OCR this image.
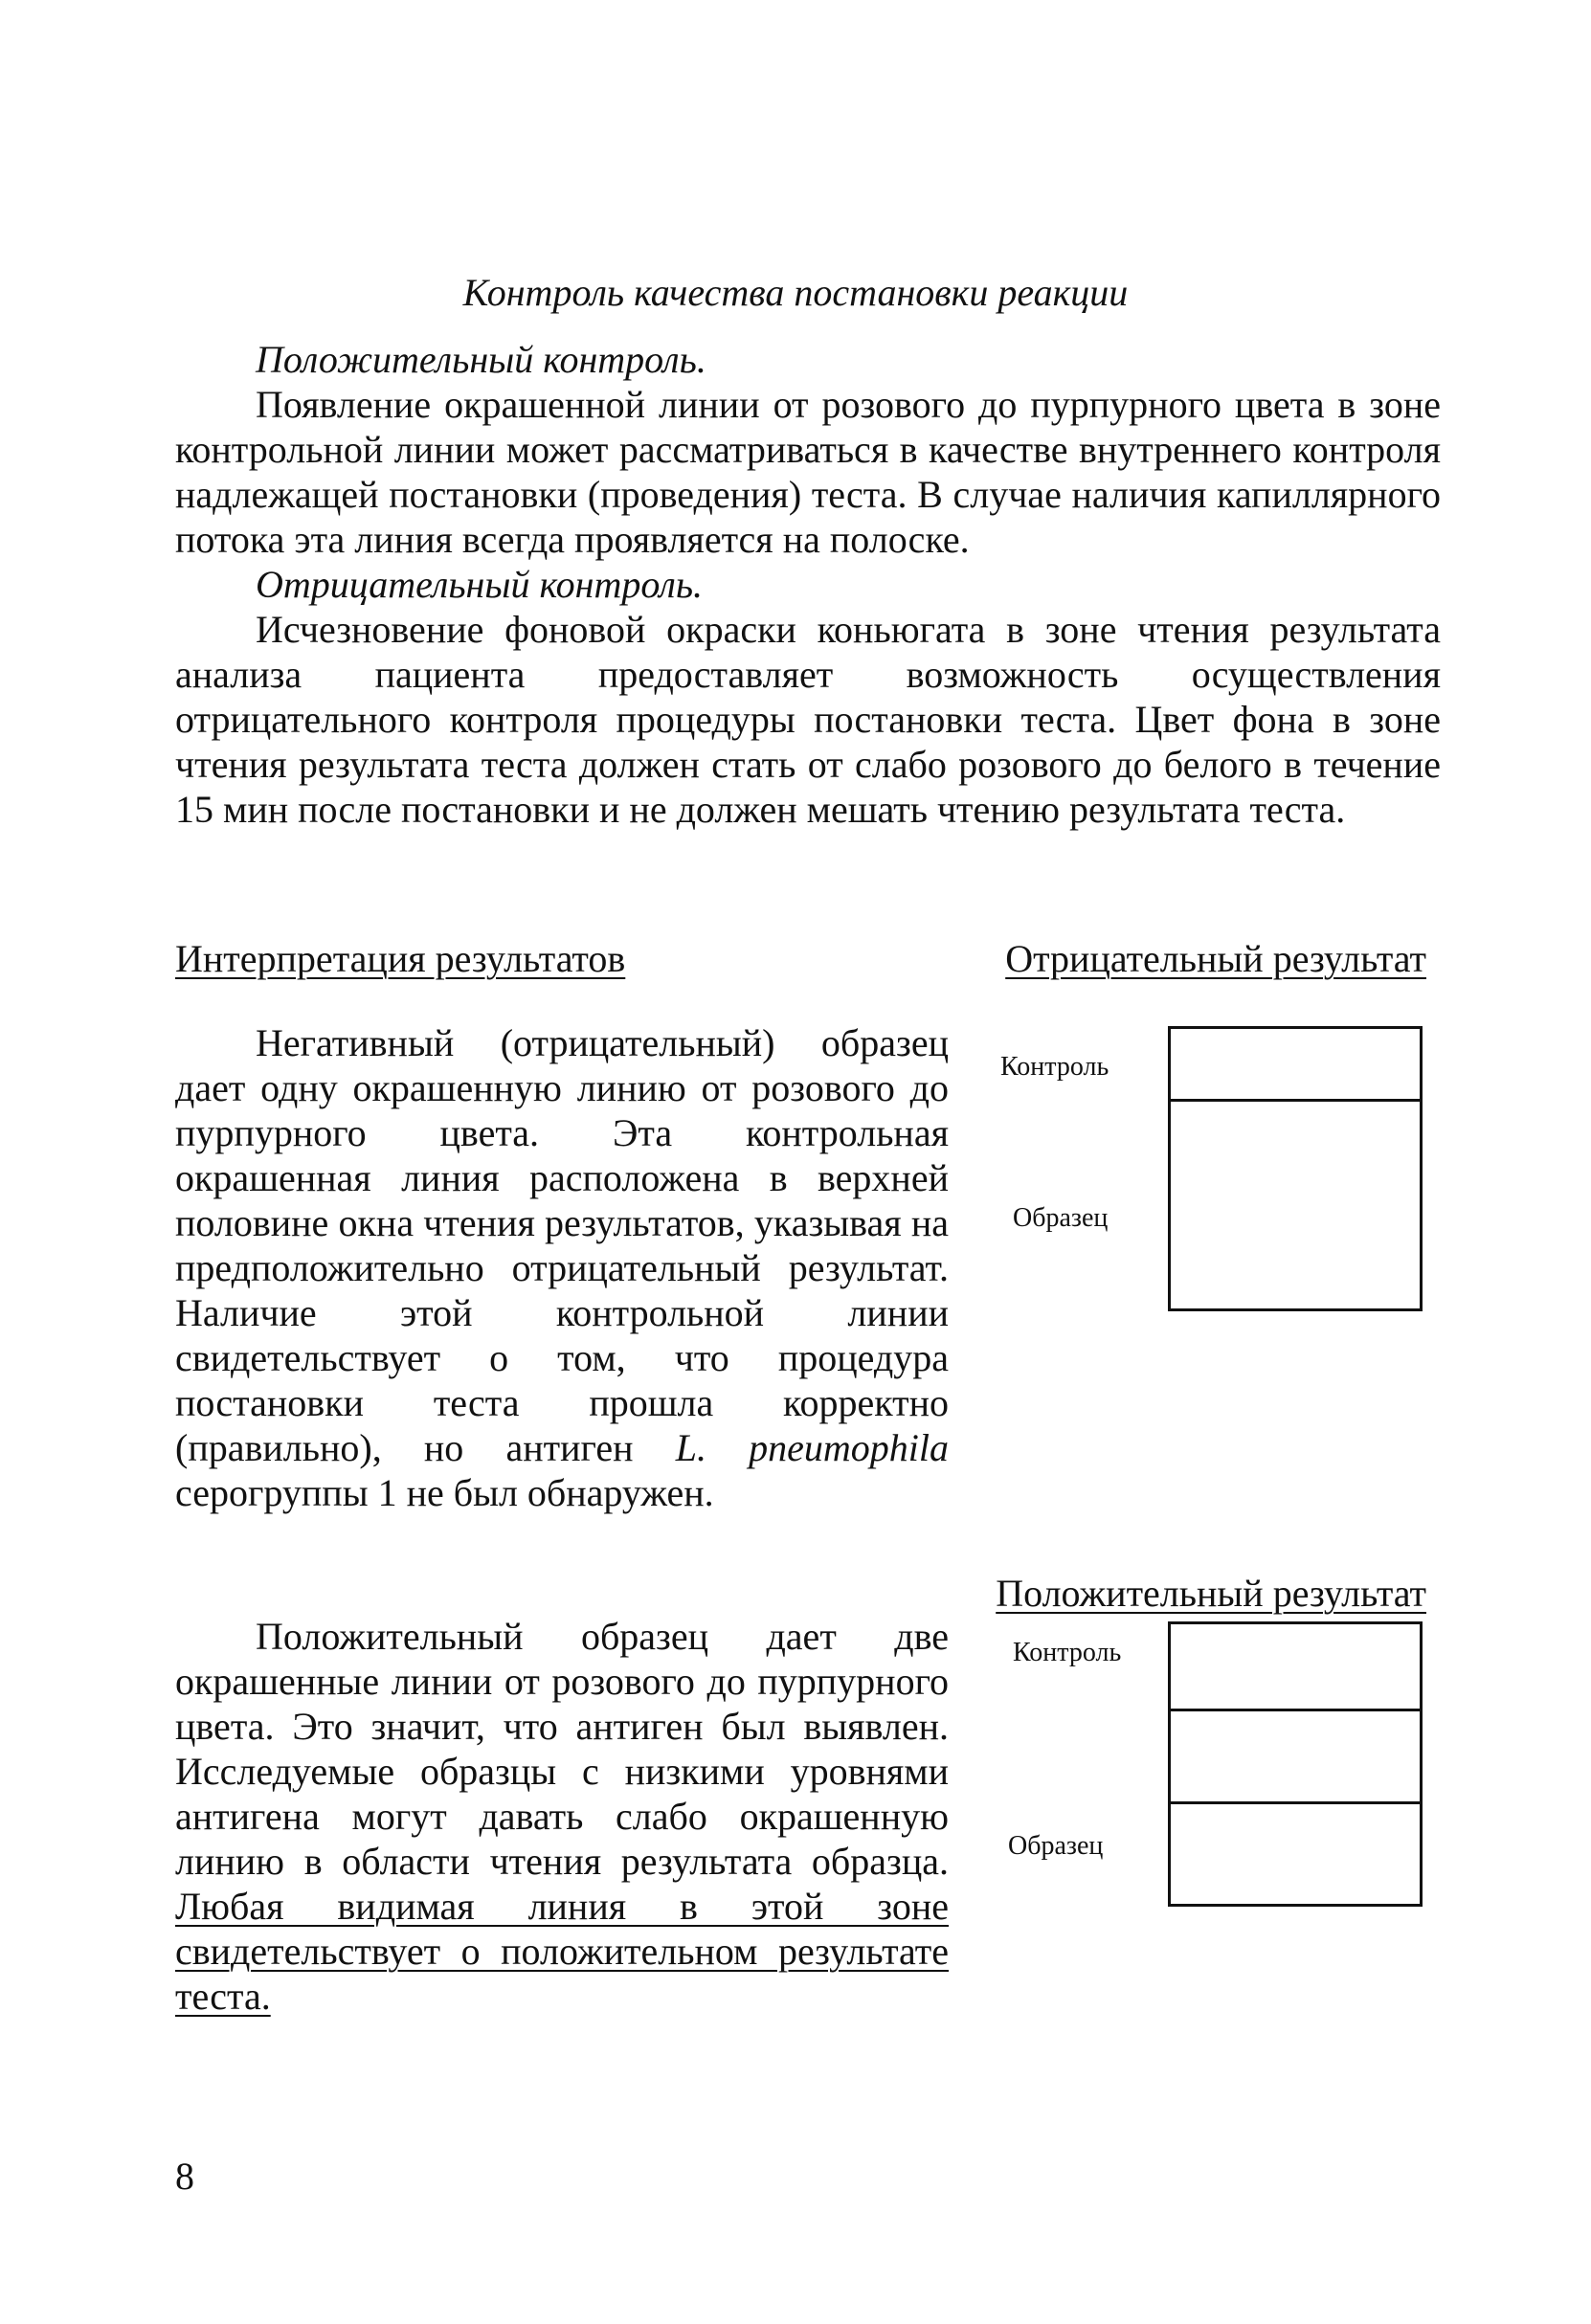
Контроль качества постановки реакции

Положительный контроль.

Появление окрашенной линии от розового до пурпурного цвета в зоне контрольной линии может рассматриваться в качестве внутреннего контроля надлежащей постановки (проведения) теста. В случае наличия капиллярного потока эта линия всегда проявляется на полоске.

Отрицательный контроль.

Исчезновение фоновой окраски коньюгата в зоне чтения результата анализа пациента предоставляет возможность осуществления отрицательного контроля процедуры постановки теста. Цвет фона в зоне чтения результата теста должен стать от слабо розового до белого в течение 15 мин после постановки и не должен мешать чтению результата теста.

Интерпретация результатов	Отрицательный результат
Контроль
Образец

Негативный (отрицательный) образец дает одну окрашенную линию от розового до пурпурного цвета. Эта контрольная окрашенная линия расположена в верхней половине окна чтения результатов, указывая на предположительно отрицательный результат. Наличие этой контрольной линии свидетельствует о том, что процедура постановки теста прошла корректно (правильно), но антиген L. pneumophila серогруппы 1 не был обнаружен.

Положительный результат
Контроль
Образец

Положительный образец дает две окрашенные линии от розового до пурпурного цвета. Это значит, что антиген был выявлен. Исследуемые образцы с низкими уровнями антигена могут давать слабо окрашенную линию в области чтения результата образца. Любая видимая линия в этой зоне свидетельствует о положительном результате теста.

8
